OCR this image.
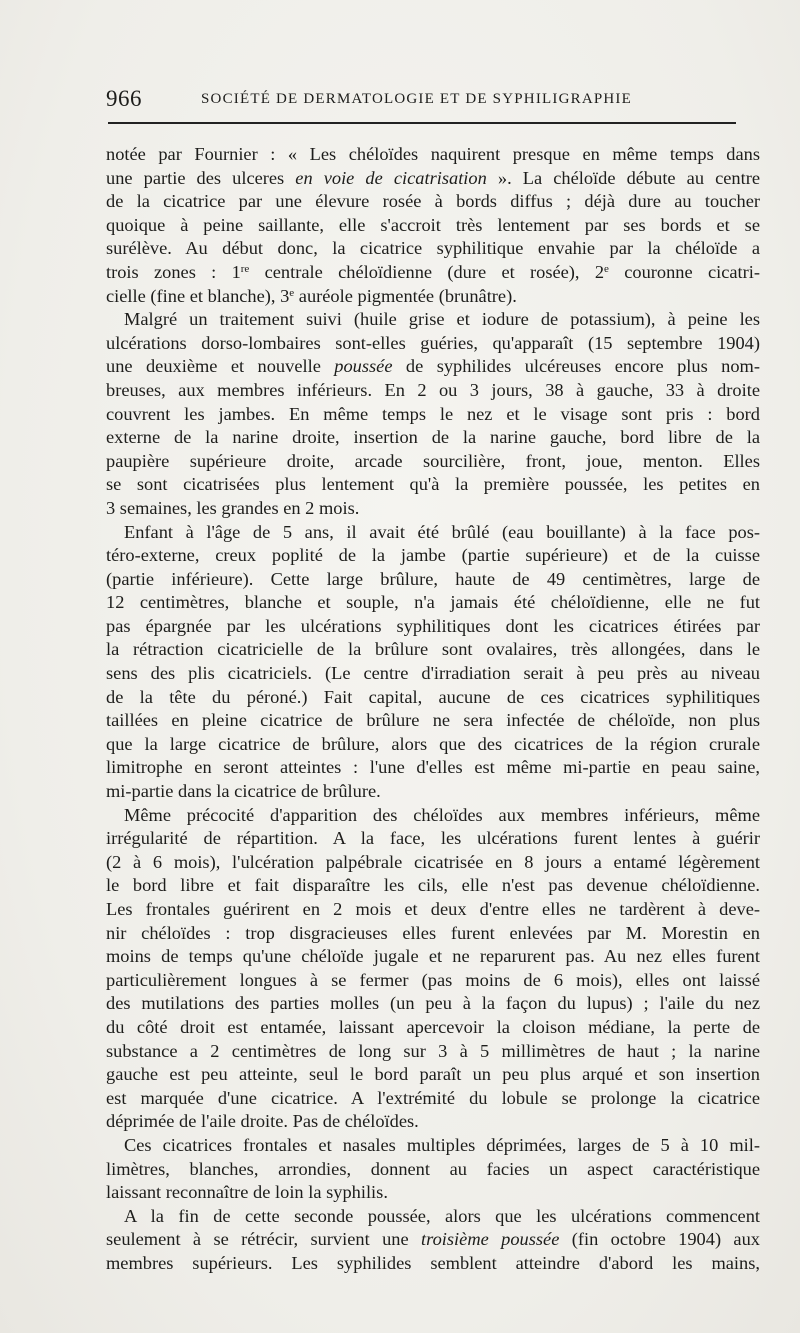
966	SOCIÉTÉ DE DERMATOLOGIE ET DE SYPHILIGRAPHIE
notée par Fournier : « Les chéloïdes naquirent presque en même temps dans
une partie des ulceres en voie de cicatrisation ». La chéloïde débute au centre
de la cicatrice par une élevure rosée à bords diffus ; déjà dure au toucher
quoique à peine saillante, elle s'accroit très lentement par ses bords et se
surélève. Au début donc, la cicatrice syphilitique envahie par la chéloïde a
trois zones : 1re centrale chéloïdienne (dure et rosée), 2e couronne cicatri-
cielle (fine et blanche), 3e auréole pigmentée (brunâtre).
Malgré un traitement suivi (huile grise et iodure de potassium), à peine les
ulcérations dorso-lombaires sont-elles guéries, qu'apparaît (15 septembre 1904)
une deuxième et nouvelle poussée de syphilides ulcéreuses encore plus nom-
breuses, aux membres inférieurs. En 2 ou 3 jours, 38 à gauche, 33 à droite
couvrent les jambes. En même temps le nez et le visage sont pris : bord
externe de la narine droite, insertion de la narine gauche, bord libre de la
paupière supérieure droite, arcade sourcilière, front, joue, menton. Elles
se sont cicatrisées plus lentement qu'à la première poussée, les petites en
3 semaines, les grandes en 2 mois.
Enfant à l'âge de 5 ans, il avait été brûlé (eau bouillante) à la face pos-
téro-externe, creux poplité de la jambe (partie supérieure) et de la cuisse
(partie inférieure). Cette large brûlure, haute de 49 centimètres, large de
12 centimètres, blanche et souple, n'a jamais été chéloïdienne, elle ne fut
pas épargnée par les ulcérations syphilitiques dont les cicatrices étirées par
la rétraction cicatricielle de la brûlure sont ovalaires, très allongées, dans le
sens des plis cicatriciels. (Le centre d'irradiation serait à peu près au niveau
de la tête du péroné.) Fait capital, aucune de ces cicatrices syphilitiques
taillées en pleine cicatrice de brûlure ne sera infectée de chéloïde, non plus
que la large cicatrice de brûlure, alors que des cicatrices de la région crurale
limitrophe en seront atteintes : l'une d'elles est même mi-partie en peau saine,
mi-partie dans la cicatrice de brûlure.
Même précocité d'apparition des chéloïdes aux membres inférieurs, même
irrégularité de répartition. A la face, les ulcérations furent lentes à guérir
(2 à 6 mois), l'ulcération palpébrale cicatrisée en 8 jours a entamé légèrement
le bord libre et fait disparaître les cils, elle n'est pas devenue chéloïdienne.
Les frontales guérirent en 2 mois et deux d'entre elles ne tardèrent à deve-
nir chéloïdes : trop disgracieuses elles furent enlevées par M. Morestin en
moins de temps qu'une chéloïde jugale et ne reparurent pas. Au nez elles furent
particulièrement longues à se fermer (pas moins de 6 mois), elles ont laissé
des mutilations des parties molles (un peu à la façon du lupus) ; l'aile du nez
du côté droit est entamée, laissant apercevoir la cloison médiane, la perte de
substance a 2 centimètres de long sur 3 à 5 millimètres de haut ; la narine
gauche est peu atteinte, seul le bord paraît un peu plus arqué et son insertion
est marquée d'une cicatrice. A l'extrémité du lobule se prolonge la cicatrice
déprimée de l'aile droite. Pas de chéloïdes.
Ces cicatrices frontales et nasales multiples déprimées, larges de 5 à 10 mil-
limètres, blanches, arrondies, donnent au facies un aspect caractéristique
laissant reconnaître de loin la syphilis.
A la fin de cette seconde poussée, alors que les ulcérations commencent
seulement à se rétrécir, survient une troisième poussée (fin octobre 1904) aux
membres supérieurs. Les syphilides semblent atteindre d'abord les mains,
